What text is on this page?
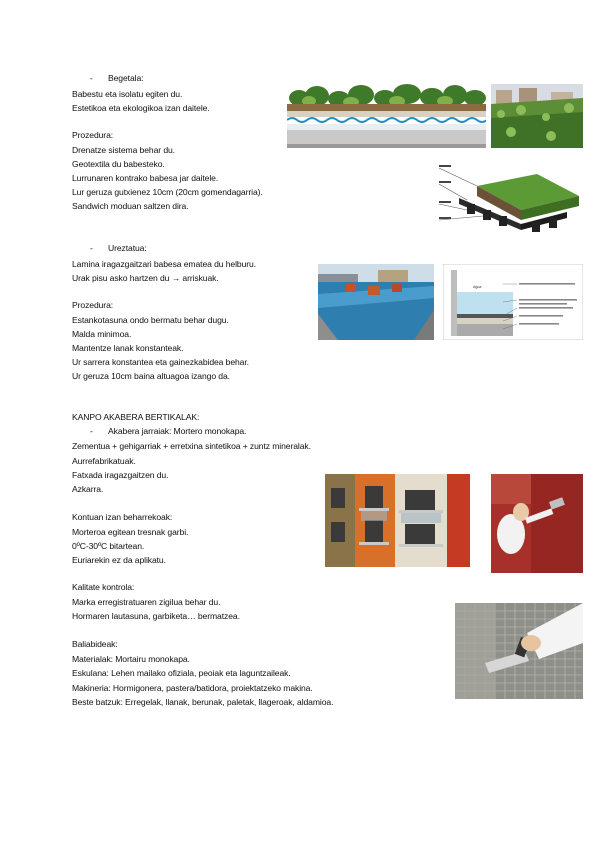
- Begetala:
Babestu eta isolatu egiten du.
Estetikoa eta ekologikoa izan daitele.
Prozedura:
Drenatze sistema behar du.
Geotextila du babesteko.
Lurrunaren kontrako babesa jar daitele.
Lur geruza gutxienez 10cm (20cm gomendagarria).
Sandwich moduan saltzen dira.
- Ureztatua:
Lamina iragazgaitzari babesa ematea du helburu.
Urak pisu asko hartzen du → arriskuak.
Prozedura:
Estankotasuna ondo bermatu behar dugu.
Malda minimoa.
Mantentze lanak konstanteak.
Ur sarrera konstantea eta gainezkabidea behar.
Ur geruza 10cm baina altuagoa izango da.
KANPO AKABERA BERTIKALAK:
- Akabera jarraiak: Mortero monokapa.
Zementua + gehigarriak + erretxina sintetikoa + zuntz mineralak.
Aurrefabrikatuak.
Fatxada iragazgaitzen du.
Azkarra.
Kontuan izan beharrekoak:
Morteroa egitean tresnak garbi.
0ºC-30ºC bitartean.
Euriarekin ez da aplikatu.
Kalitate kontrola:
Marka erregistratuaren zigilua behar du.
Hormaren lautasuna, garbiketa… bermatzea.
Baliabideak:
Materialak: Mortairu monokapa.
Eskulana: Lehen mailako ofiziala, peoiak eta laguntzaileak.
Makineria: Hormigonera, pastera/batidora, proiektatzeko makina.
Beste batzuk: Erregelak, llanak, berunak, paletak, llageroak, aldamioa.
Agua
